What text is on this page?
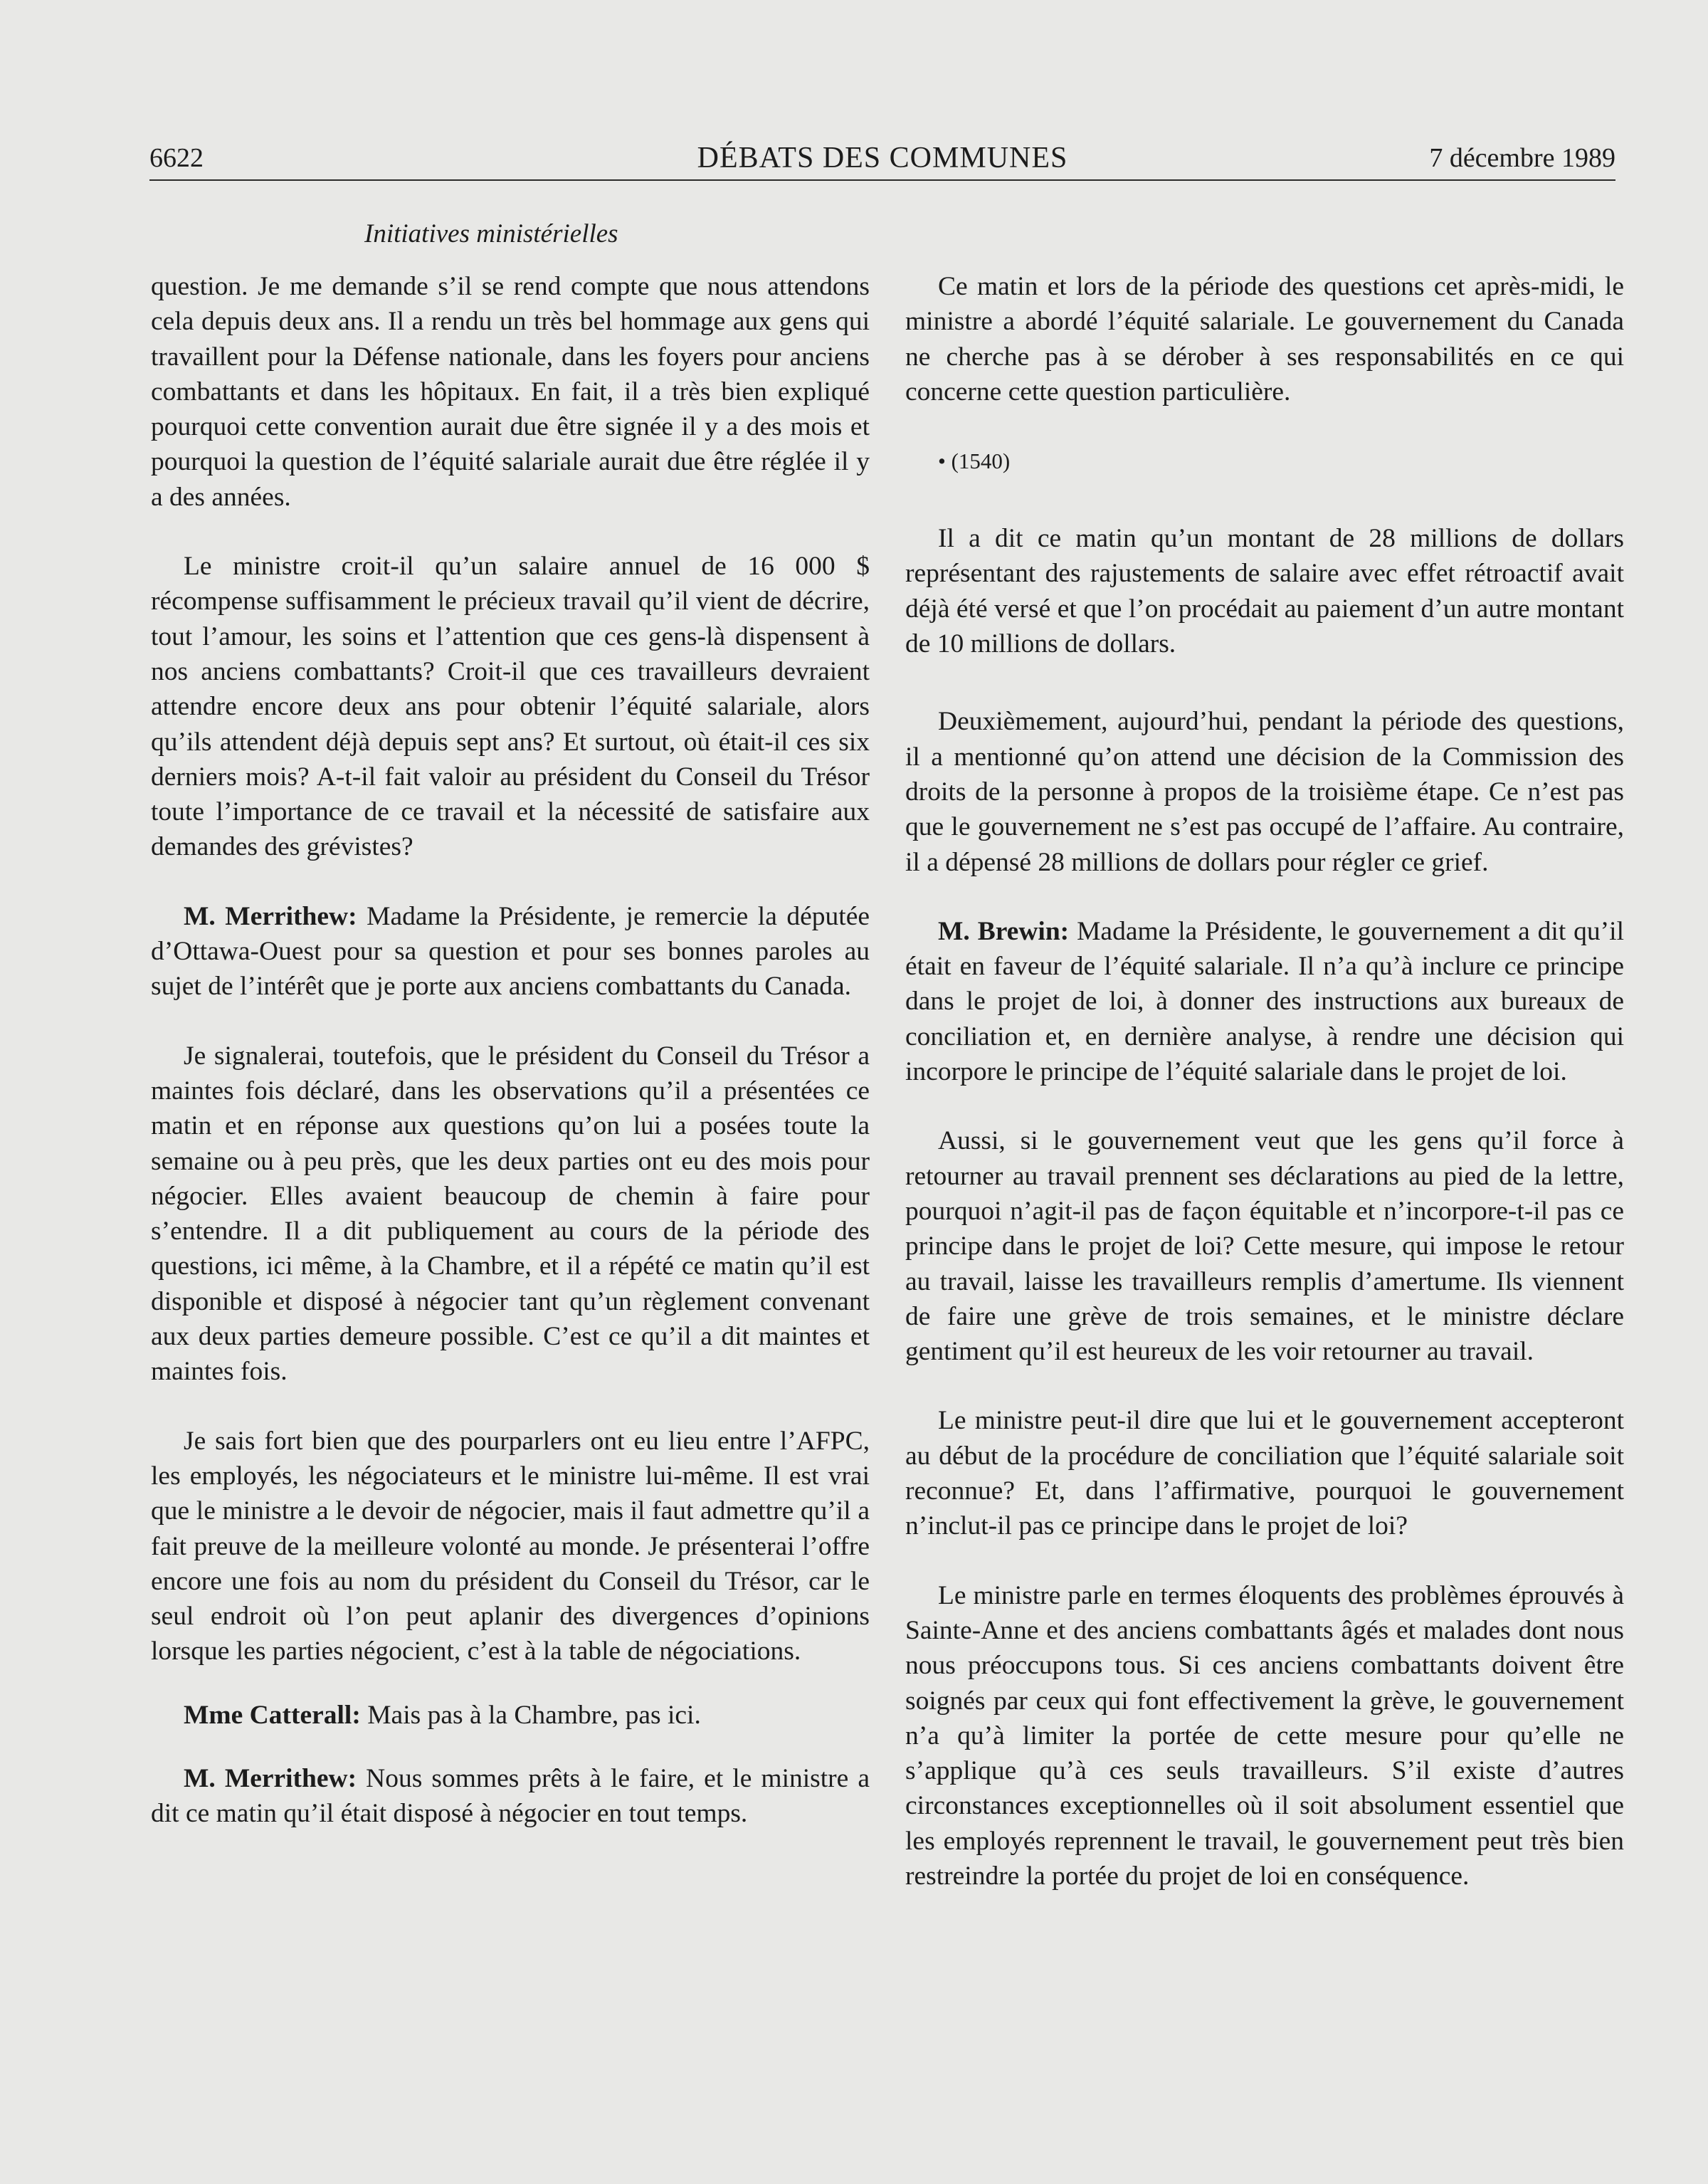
6622	DÉBATS DES COMMUNES	7 décembre 1989
Initiatives ministérielles

question. Je me demande s’il se rend compte que nous attendons cela depuis deux ans. Il a rendu un très bel hommage aux gens qui travaillent pour la Défense nationale, dans les foyers pour anciens combattants et dans les hôpitaux. En fait, il a très bien expliqué pourquoi cette convention aurait due être signée il y a des mois et pourquoi la question de l’équité salariale aurait due être réglée il y a des années.

Le ministre croit-il qu’un salaire annuel de 16 000 $ récompense suffisamment le précieux travail qu’il vient de décrire, tout l’amour, les soins et l’attention que ces gens-là dispensent à nos anciens combattants? Croit-il que ces travailleurs devraient attendre encore deux ans pour obtenir l’équité salariale, alors qu’ils attendent déjà depuis sept ans? Et surtout, où était-il ces six derniers mois? A-t-il fait valoir au président du Conseil du Trésor toute l’importance de ce travail et la nécessité de satisfaire aux demandes des grévistes?

M. Merrithew: Madame la Présidente, je remercie la députée d’Ottawa-Ouest pour sa question et pour ses bonnes paroles au sujet de l’intérêt que je porte aux anciens combattants du Canada.

Je signalerai, toutefois, que le président du Conseil du Trésor a maintes fois déclaré, dans les observations qu’il a présentées ce matin et en réponse aux questions qu’on lui a posées toute la semaine ou à peu près, que les deux parties ont eu des mois pour négocier. Elles avaient beaucoup de chemin à faire pour s’entendre. Il a dit publiquement au cours de la période des questions, ici même, à la Chambre, et il a répété ce matin qu’il est disponible et disposé à négocier tant qu’un règlement convenant aux deux parties demeure possible. C’est ce qu’il a dit maintes et maintes fois.

Je sais fort bien que des pourparlers ont eu lieu entre l’AFPC, les employés, les négociateurs et le ministre lui-même. Il est vrai que le ministre a le devoir de négocier, mais il faut admettre qu’il a fait preuve de la meilleure volonté au monde. Je présenterai l’offre encore une fois au nom du président du Conseil du Trésor, car le seul endroit où l’on peut aplanir des divergences d’opinions lorsque les parties négocient, c’est à la table de négociations.

Mme Catterall: Mais pas à la Chambre, pas ici.

M. Merrithew: Nous sommes prêts à le faire, et le ministre a dit ce matin qu’il était disposé à négocier en tout temps.

Ce matin et lors de la période des questions cet après-midi, le ministre a abordé l’équité salariale. Le gouvernement du Canada ne cherche pas à se dérober à ses responsabilités en ce qui concerne cette question particulière.

• (1540)

Il a dit ce matin qu’un montant de 28 millions de dollars représentant des rajustements de salaire avec effet rétroactif avait déjà été versé et que l’on procédait au paiement d’un autre montant de 10 millions de dollars.

Deuxièmement, aujourd’hui, pendant la période des questions, il a mentionné qu’on attend une décision de la Commission des droits de la personne à propos de la troisième étape. Ce n’est pas que le gouvernement ne s’est pas occupé de l’affaire. Au contraire, il a dépensé 28 millions de dollars pour régler ce grief.

M. Brewin: Madame la Présidente, le gouvernement a dit qu’il était en faveur de l’équité salariale. Il n’a qu’à inclure ce principe dans le projet de loi, à donner des instructions aux bureaux de conciliation et, en dernière analyse, à rendre une décision qui incorpore le principe de l’équité salariale dans le projet de loi.

Aussi, si le gouvernement veut que les gens qu’il force à retourner au travail prennent ses déclarations au pied de la lettre, pourquoi n’agit-il pas de façon équitable et n’incorpore-t-il pas ce principe dans le projet de loi? Cette mesure, qui impose le retour au travail, laisse les travailleurs remplis d’amertume. Ils viennent de faire une grève de trois semaines, et le ministre déclare gentiment qu’il est heureux de les voir retourner au travail.

Le ministre peut-il dire que lui et le gouvernement accepteront au début de la procédure de conciliation que l’équité salariale soit reconnue? Et, dans l’affirmative, pourquoi le gouvernement n’inclut-il pas ce principe dans le projet de loi?

Le ministre parle en termes éloquents des problèmes éprouvés à Sainte-Anne et des anciens combattants âgés et malades dont nous nous préoccupons tous. Si ces anciens combattants doivent être soignés par ceux qui font effectivement la grève, le gouvernement n’a qu’à limiter la portée de cette mesure pour qu’elle ne s’applique qu’à ces seuls travailleurs. S’il existe d’autres circonstances exceptionnelles où il soit absolument essentiel que les employés reprennent le travail, le gouvernement peut très bien restreindre la portée du projet de loi en conséquence.
